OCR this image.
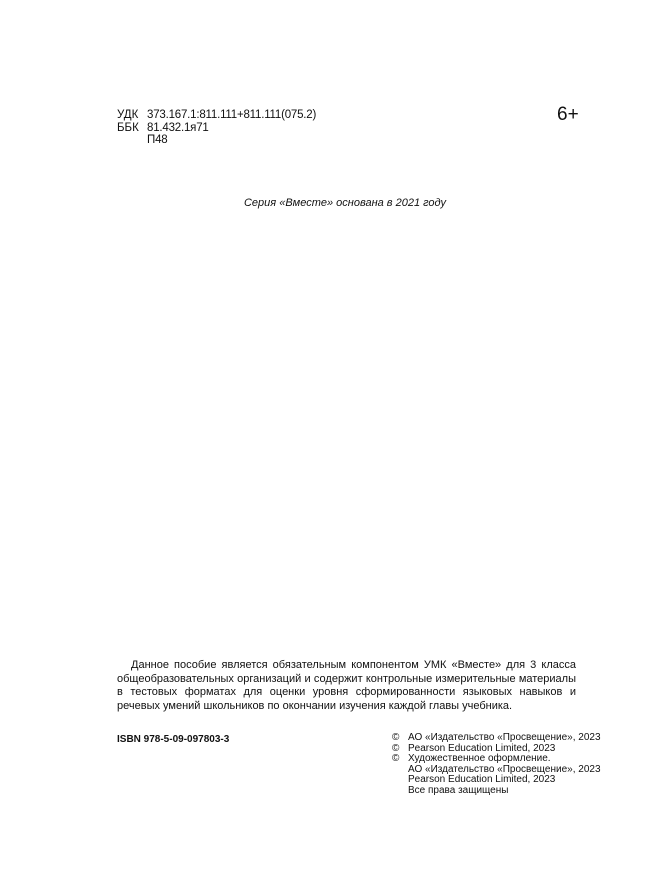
УДК 373.167.1:811.111+811.111(075.2)
ББК 81.432.1я71
П48
6+
Серия «Вместе» основана в 2021 году

Данное пособие является обязательным компонентом УМК «Вместе» для 3 класса общеобразовательных организаций и содержит контрольные измерительные материалы в тестовых форматах для оценки уровня сформированности языковых навыков и речевых умений школьников по окончании изучения каждой главы учебника.

ISBN 978-5-09-097803-3	© АО «Издательство «Просвещение», 2023
© Pearson Education Limited, 2023
© Художественное оформление.
АО «Издательство «Просвещение», 2023
Pearson Education Limited, 2023
Все права защищены
